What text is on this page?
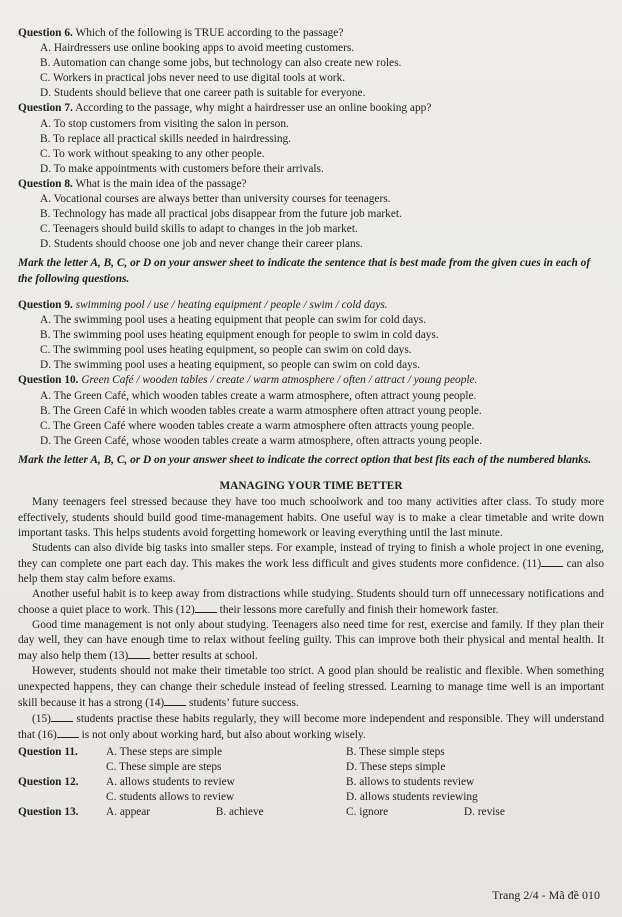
Question 6. Which of the following is TRUE according to the passage?

A. Hairdressers use online booking apps to avoid meeting customers.

B. Automation can change some jobs, but technology can also create new roles.

C. Workers in practical jobs never need to use digital tools at work.

D. Students should believe that one career path is suitable for everyone.

Question 7. According to the passage, why might a hairdresser use an online booking app?

A. To stop customers from visiting the salon in person.

B. To replace all practical skills needed in hairdressing.

C. To work without speaking to any other people.

D. To make appointments with customers before their arrivals.

Question 8. What is the main idea of the passage?

A. Vocational courses are always better than university courses for teenagers.

B. Technology has made all practical jobs disappear from the future job market.

C. Teenagers should build skills to adapt to changes in the job market.

D. Students should choose one job and never change their career plans.

Mark the letter A, B, C, or D on your answer sheet to indicate the sentence that is best made from the given cues in each of the following questions.

Question 9. swimming pool / use / heating equipment / people / swim / cold days.

A. The swimming pool uses a heating equipment that people can swim for cold days.

B. The swimming pool uses heating equipment enough for people to swim in cold days.

C. The swimming pool uses heating equipment, so people can swim on cold days.

D. The swimming pool uses a heating equipment, so people can swim on cold days.

Question 10. Green Café / wooden tables / create / warm atmosphere / often / attract / young people.

A. The Green Café, which wooden tables create a warm atmosphere, often attract young people.

B. The Green Café in which wooden tables create a warm atmosphere often attract young people.

C. The Green Café where wooden tables create a warm atmosphere often attracts young people.

D. The Green Café, whose wooden tables create a warm atmosphere, often attracts young people.

Mark the letter A, B, C, or D on your answer sheet to indicate the correct option that best fits each of the numbered blanks.

MANAGING YOUR TIME BETTER

Many teenagers feel stressed because they have too much schoolwork and too many activities after class. To study more effectively, students should build good time-management habits. One useful way is to make a clear timetable and write down important tasks. This helps students avoid forgetting homework or leaving everything until the last minute.

Students can also divide big tasks into smaller steps. For example, instead of trying to finish a whole project in one evening, they can complete one part each day. This makes the work less difficult and gives students more confidence. (11) can also help them stay calm before exams.

Another useful habit is to keep away from distractions while studying. Students should turn off unnecessary notifications and choose a quiet place to work. This (12) their lessons more carefully and finish their homework faster.

Good time management is not only about studying. Teenagers also need time for rest, exercise and family. If they plan their day well, they can have enough time to relax without feeling guilty. This can improve both their physical and mental health. It may also help them (13) better results at school.

However, students should not make their timetable too strict. A good plan should be realistic and flexible. When something unexpected happens, they can change their schedule instead of feeling stressed. Learning to manage time well is an important skill because it has a strong (14) students’ future success.

(15) students practise these habits regularly, they will become more independent and responsible. They will understand that (16) is not only about working hard, but also about working wisely.

Question 11.	A. These steps are simple	B. These simple steps
C. These simple are steps	D. These steps simple
Question 12.	A. allows students to review	B. allows to students review
C. students allows to review	D. allows students reviewing
Question 13.	A. appear	B. achieve	C. ignore	D. revise
Trang 2/4 - Mã đề 010
